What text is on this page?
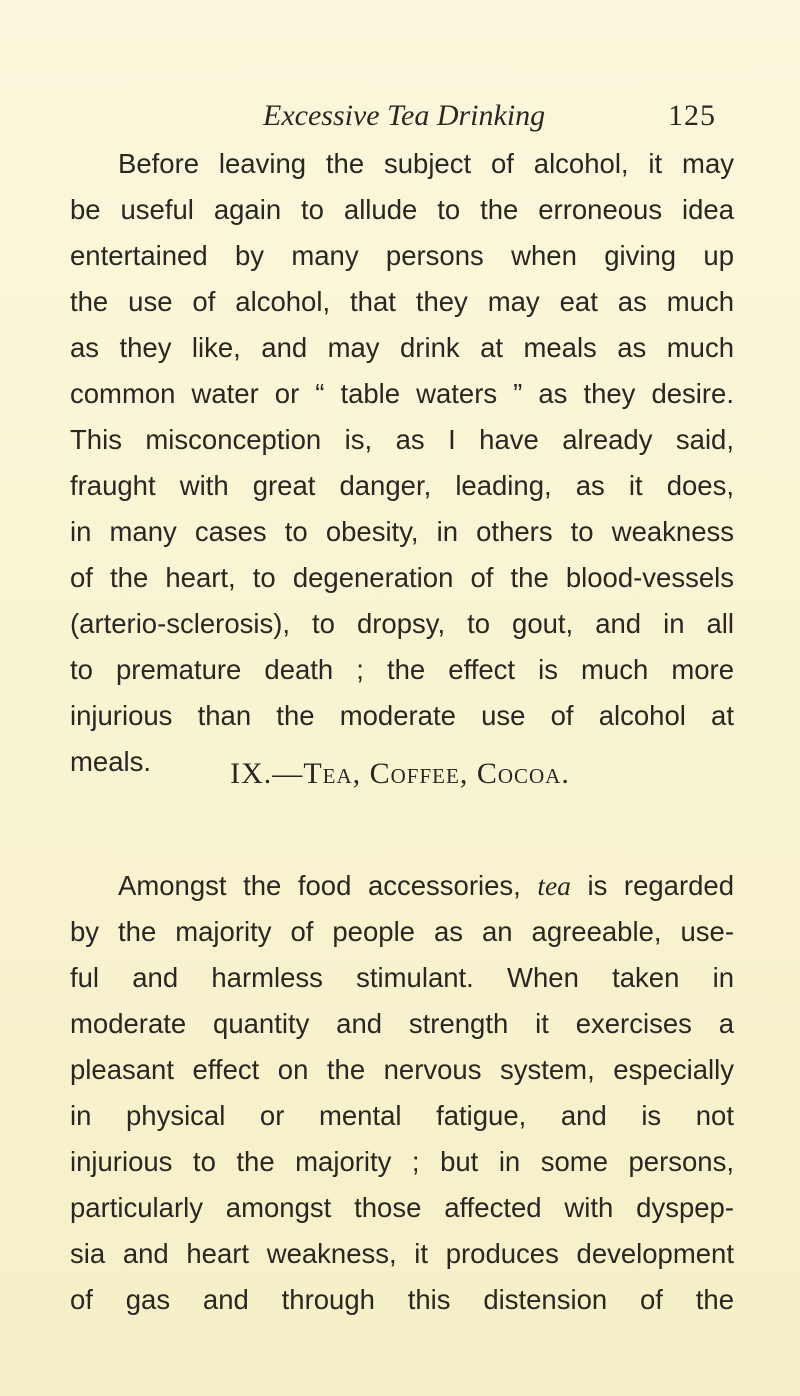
Excessive Tea Drinking	125
Before leaving the subject of alcohol, it may
be useful again to allude to the erroneous idea
entertained by many persons when giving up
the use of alcohol, that they may eat as much
as they like, and may drink at meals as much
common water or “ table waters ” as they desire.
This misconception is, as I have already said,
fraught with great danger, leading, as it does,
in many cases to obesity, in others to weakness
of the heart, to degeneration of the blood-vessels
(arterio-sclerosis), to dropsy, to gout, and in all
to premature death ; the effect is much more
injurious than the moderate use of alcohol at
meals.	IX.—Tea, Coffee, Cocoa.
Amongst the food accessories, tea is regarded
by the majority of people as an agreeable, use-
ful and harmless stimulant. When taken in
moderate quantity and strength it exercises a
pleasant effect on the nervous system, especially
in physical or mental fatigue, and is not
injurious to the majority ; but in some persons,
particularly amongst those affected with dyspep-
sia and heart weakness, it produces development
of gas and through this distension of the
